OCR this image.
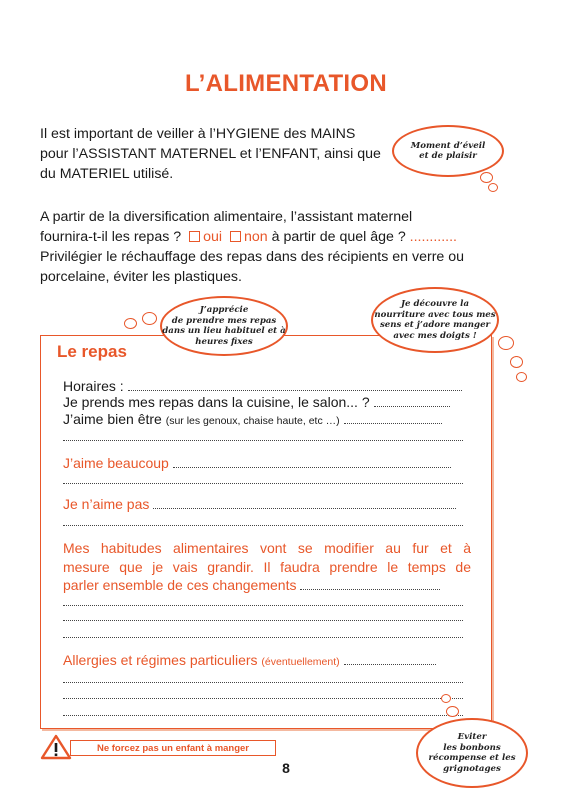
L’ALIMENTATION
Il est important de veiller à l’HYGIENE des MAINS
pour l’ASSISTANT MATERNEL et l’ENFANT, ainsi que
du MATERIEL utilisé.
Moment d’éveil
et de plaisir
A partir de la diversification alimentaire, l’assistant maternel
fournira-t-il les repas ? oui non à partir de quel âge ? ............
Privilégier le réchauffage des repas dans des récipients en verre ou
porcelaine, éviter les plastiques.
Le repas
J’apprécie
de prendre mes repas
dans un lieu habituel et à
heures fixes
Je découvre la
nourriture avec tous mes
sens et j’adore manger
avec mes doigts !
Horaires :
Je prends mes repas dans la cuisine, le salon... ?
J’aime bien être (sur les genoux, chaise haute, etc …)
J’aime beaucoup
Je n’aime pas
Mes habitudes alimentaires vont se modifier au fur et à
mesure que je vais grandir. Il faudra prendre le temps de
parler ensemble de ces changements
Allergies et régimes particuliers (éventuellement)
Eviter
les bonbons
récompense et les
grignotages
Ne forcez pas un enfant à manger
8
